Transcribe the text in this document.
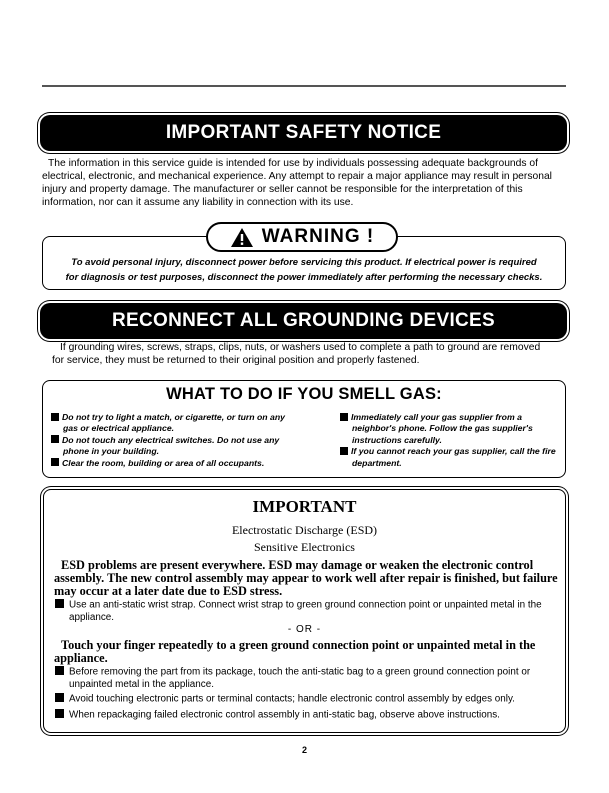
IMPORTANT SAFETY NOTICE
The information in this service guide is intended for use by individuals possessing adequate backgrounds of electrical, electronic, and mechanical experience. Any attempt to repair a major appliance may result in personal injury and property damage. The manufacturer or seller cannot be responsible for the interpretation of this information, nor can it assume any liability in connection with its use.
WARNING !
To avoid personal injury, disconnect power before servicing this product. If electrical power is required
for diagnosis or test purposes, disconnect the power immediately after performing the necessary checks.
RECONNECT ALL GROUNDING DEVICES
If grounding wires, screws, straps, clips, nuts, or washers used to complete a path to ground are removed for service, they must be returned to their original position and properly fastened.
WHAT TO DO IF YOU SMELL GAS:
Do not try to light a match, or cigarette, or turn on any gas or electrical appliance.
Do not touch any electrical switches. Do not use any phone in your building.
Clear the room, building or area of all occupants.
Immediately call your gas supplier from a neighbor's phone. Follow the gas supplier's instructions carefully.
If you cannot reach your gas supplier, call the fire department.
IMPORTANT
Electrostatic Discharge (ESD)
Sensitive Electronics
ESD problems are present everywhere. ESD may damage or weaken the electronic control assembly. The new control assembly may appear to work well after repair is finished, but failure may occur at a later date due to ESD stress.
Use an anti-static wrist strap. Connect wrist strap to green ground connection point or unpainted metal in the appliance.
- OR -
Touch your finger repeatedly to a green ground connection point or unpainted metal in the appliance.
Before removing the part from its package, touch the anti-static bag to a green ground connection point or unpainted metal in the appliance.
Avoid touching electronic parts or terminal contacts; handle electronic control assembly by edges only.
When repackaging failed electronic control assembly in anti-static bag, observe above instructions.
2
